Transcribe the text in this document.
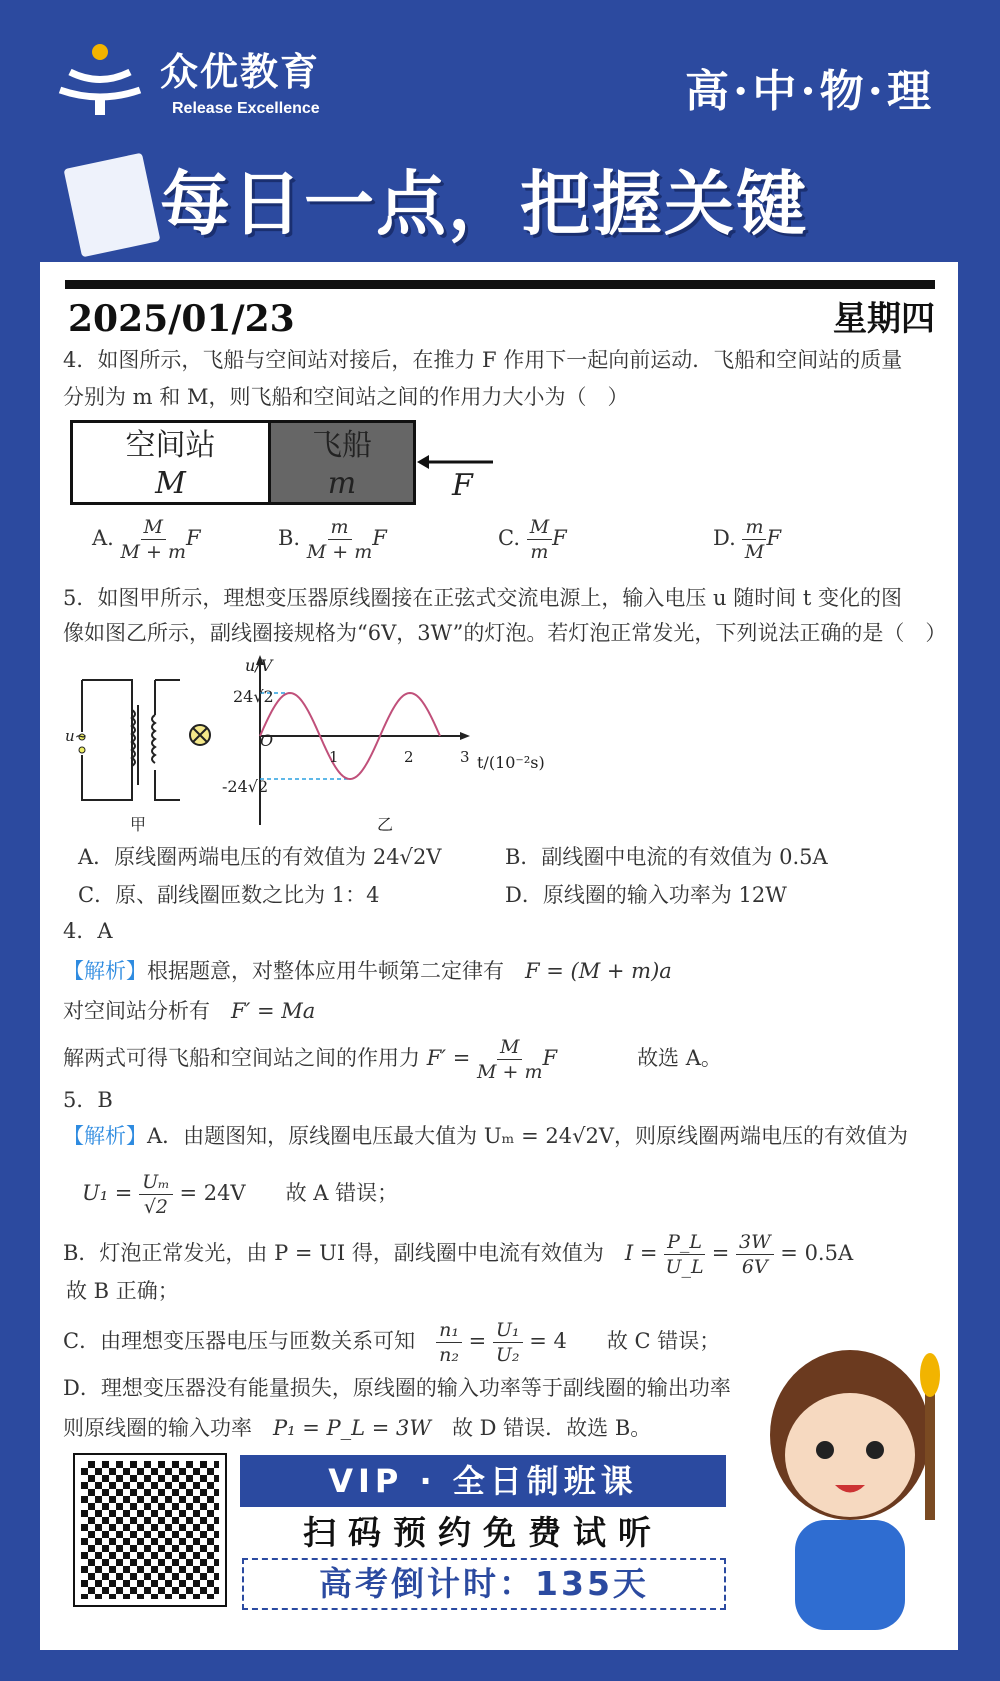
众优教育
Release Excellence	高·中·物·理
每日一点，把握关键
2025/01/23	星期四
4．如图所示，飞船与空间站对接后，在推力 F 作用下一起向前运动．飞船和空间站的质量
分别为 m 和 M，则飞船和空间站之间的作用力大小为（　）
空间站
M
飞船
m	F
A. $\frac{M}{M + m}$ F	B. $\frac{m}{M + m}$ F	C. $\frac{M}{m}$ F	D. $\frac{m}{M}$ F
5．如图甲所示，理想变压器原线圈接在正弦式交流电源上，输入电压 u 随时间 t 变化的图
像如图乙所示，副线圈接规格为“6V，3W”的灯泡。若灯泡正常发光，下列说法正确的是（　）
u~
甲
u/V
24√2
-24√2
O
1	2	3 t/(10⁻²s)
乙
A．原线圈两端电压的有效值为 24√2V	B．副线圈中电流的有效值为 0.5A
C．原、副线圈匝数之比为 1：4	D．原线圈的输入功率为 12W
4．A
【解析】根据题意，对整体应用牛顿第二定律有　 F = (M + m)a
对空间站分析有　 F′ = Ma
解两式可得飞船和空间站之间的作用力 $F' = \frac{M}{M + m}$ F	故选 A。
5．B
【解析】A．由题图知，原线圈电压最大值为 Uₘ = 24√2V，则原线圈两端电压的有效值为
$U_1 = \frac{\text{Uₘ}}{√2} = 24V$ 故 A 错误；
B．灯泡正常发光，由 P = UI 得，副线圈中电流有效值为　 $I = \frac{P\_L}{U\_L} = \frac{3W}{6V} = 0.5A$
故 B 正确；
C．由理想变压器电压与匝数关系可知　 $\frac{\text{n₁}}{\text{n₂}} = \frac{\text{U₁}}{\text{U₂}} = 4$ 故 C 错误；
D．理想变压器没有能量损失，原线圈的输入功率等于副线圈的输出功率
则原线圈的输入功率　 P₁ = P_L = 3W　 故 D 错误．故选 B。
VIP · 全日制班课
扫码预约免费试听
高考倒计时：135天
